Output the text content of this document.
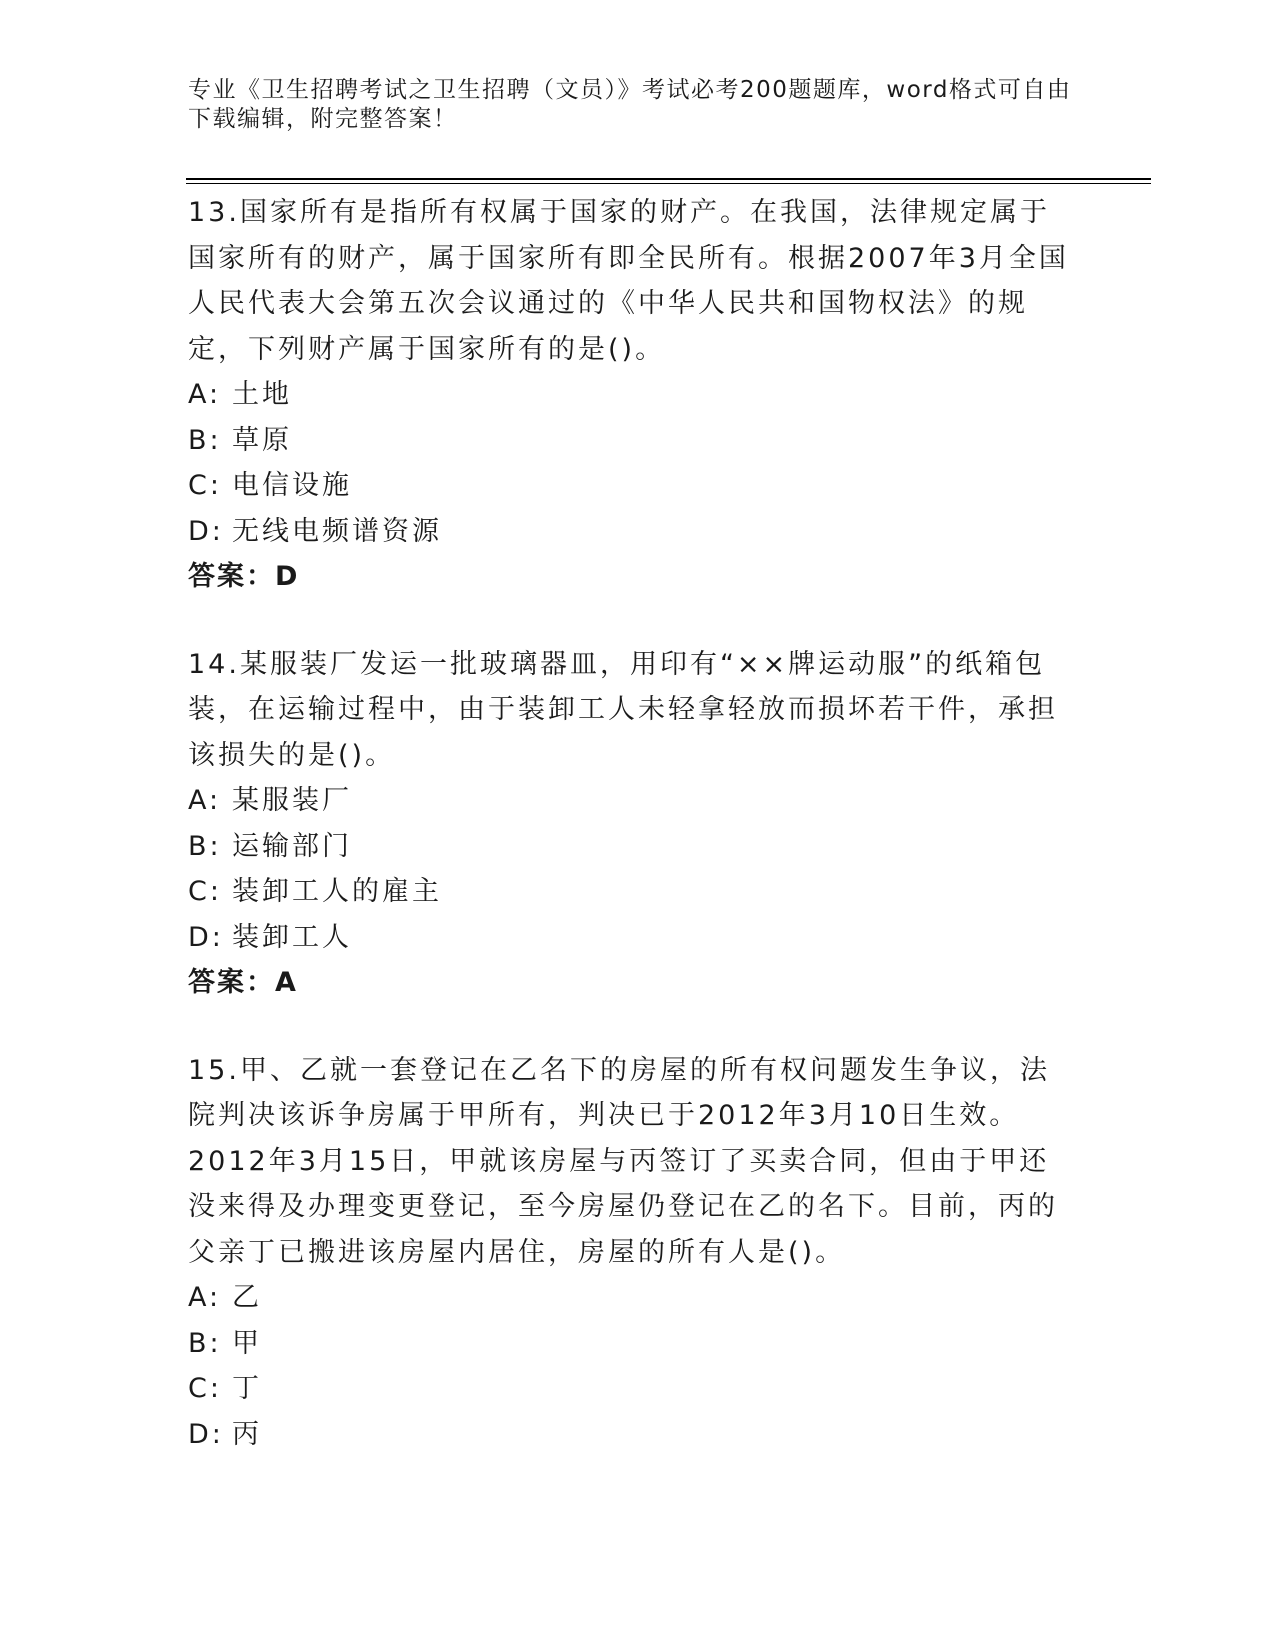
专业《卫生招聘考试之卫生招聘（文员）》考试必考200题题库，word格式可自由下载编辑，附完整答案！

13.国家所有是指所有权属于国家的财产。在我国，法律规定属于国家所有的财产，属于国家所有即全民所有。根据2007年3月全国人民代表大会第五次会议通过的《中华人民共和国物权法》的规定，下列财产属于国家所有的是()。

A: 土地
B: 草原
C: 电信设施
D: 无线电频谱资源
答案：D

14.某服装厂发运一批玻璃器皿，用印有“××牌运动服”的纸箱包装，在运输过程中，由于装卸工人未轻拿轻放而损坏若干件，承担该损失的是()。

A: 某服装厂
B: 运输部门
C: 装卸工人的雇主
D: 装卸工人
答案：A

15.甲、乙就一套登记在乙名下的房屋的所有权问题发生争议，法院判决该诉争房属于甲所有，判决已于2012年3月10日生效。2012年3月15日，甲就该房屋与丙签订了买卖合同，但由于甲还没来得及办理变更登记，至今房屋仍登记在乙的名下。目前，丙的父亲丁已搬进该房屋内居住，房屋的所有人是()。

A: 乙
B: 甲
C: 丁
D: 丙
